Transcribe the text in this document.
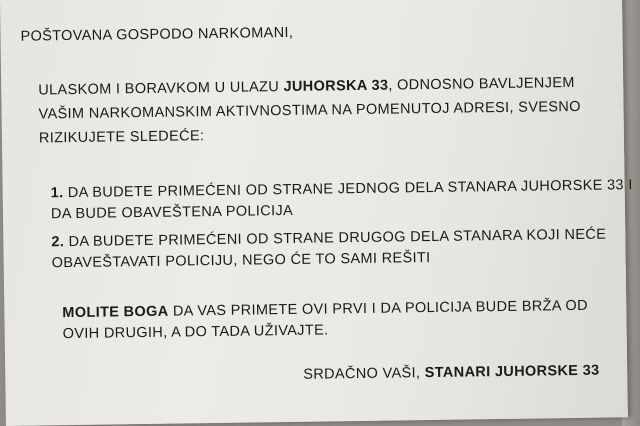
POŠTOVANA GOSPODO NARKOMANI,
ULASKOM I BORAVKOM U ULAZU JUHORSKA 33, ODNOSNO BAVLJENJEM
VAŠIM NARKOMANSKIM AKTIVNOSTIMA NA POMENUTOJ ADRESI, SVESNO
RIZIKUJETE SLEDEĆE:
1. DA BUDETE PRIMEĆENI OD STRANE JEDNOG DELA STANARA JUHORSKE 33 I
DA BUDE OBAVEŠTENA POLICIJA
2. DA BUDETE PRIMEĆENI OD STRANE DRUGOG DELA STANARA KOJI NEĆE
OBAVEŠTAVATI POLICIJU, NEGO ĆE TO SAMI REŠITI
MOLITE BOGA DA VAS PRIMETE OVI PRVI I DA POLICIJA BUDE BRŽA OD
OVIH DRUGIH, A DO TADA UŽIVAJTE.
SRDAČNO VAŠI, STANARI JUHORSKE 33
